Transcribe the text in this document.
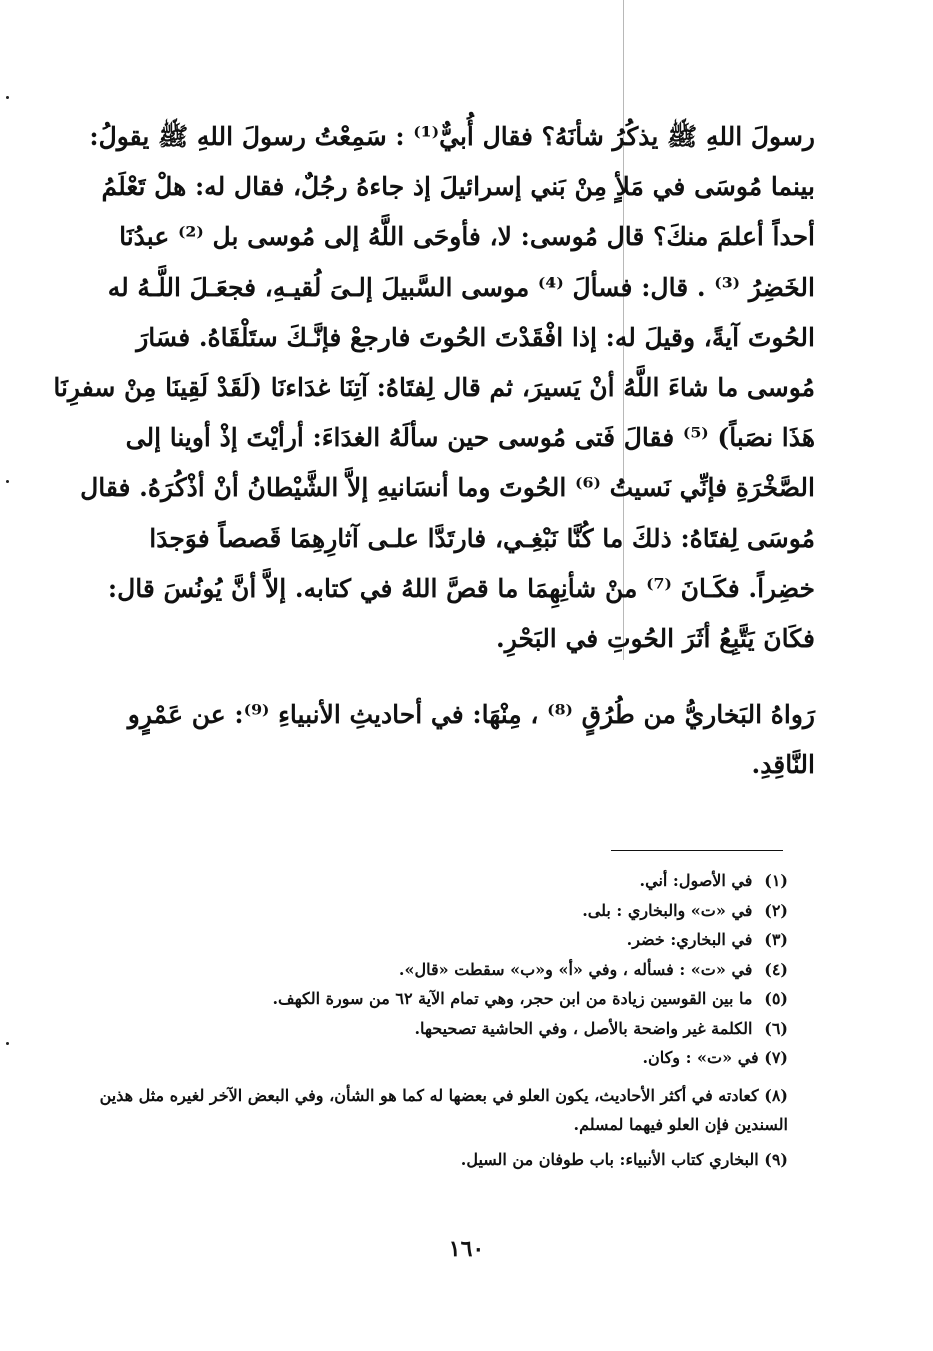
رسولَ اللهِ ﷺ يذكُرُ شأنَهُ؟ فقال أُبيٌّ⁽¹⁾ : سَمِعْتُ رسولَ اللهِ ﷺ يقولُ:
بينما مُوسَى في مَلأٍ مِنْ بَني إسرائيلَ إذ جاءهُ رجُلٌ، فقال له: هلْ تَعْلَمُ
أحداً أعلمَ منكَ؟ قال مُوسى: لا، فأوحَى اللَّهُ إلى مُوسى بل ⁽²⁾ عبدُنَا
الخَضِرُ ⁽³⁾ . قال: فسألَ ⁽⁴⁾ موسى السَّبيلَ إلـىَ لُقيـهِ، فجعَـلَ اللَّـهُ له
الحُوتَ آيةً، وقيلَ له: إذا افْقَدْتَ الحُوتَ فارجعْ فإنَّـكَ ستَلْقَاهُ. فسَارَ
مُوسى ما شاءَ اللَّهُ أنْ يَسيرَ، ثم قال لِفتَاهُ: آتِنَا غدَاءنَا (لَقَدْ لَقِينَا مِنْ سفرِنَا
هَذَا نصَباً) ⁽⁵⁾ فقالَ فَتى مُوسى حين سألَهُ الغدَاءَ: أرأيْتَ إذْ أوينا إلى
الصَّخْرَةِ فإنِّي نَسيتُ ⁽⁶⁾ الحُوتَ وما أنسَانيهِ إلاَّ الشَّيْطانُ أنْ أذْكُرَهُ. فقال
مُوسَى لِفتَاهُ: ذلكَ ما كُنَّا نَبْغِـي، فارتَدَّا علـى آثارِهِمَا قَصصاً فوَجدَا
خضِراً. فكَـانَ ⁽⁷⁾ منْ شأنِهِمَا ما قصَّ اللهُ في كتابه. إلاَّ أنَّ يُونُسَ قال:
فكَانَ يَتَّبِعُ أثَرَ الحُوتِ في البَحْرِ.
رَواهُ البَخاريُّ من طُرُقٍ ⁽⁸⁾ ، مِنْهَا: في أحاديثِ الأنبياءِ ⁽⁹⁾: عن عَمْرٍو
النَّاقِدِ.
(١) في الأصول: أني.
(٢) في «ت» والبخاري : بلى.
(٣) في البخاري: خضر.
(٤) في «ت» : فسأله ، وفي «أ» و«ب» سقطت «قال».
(٥) ما بين القوسين زيادة من ابن حجر، وهي تمام الآية ٦٢ من سورة الكهف.
(٦) الكلمة غير واضحة بالأصل ، وفي الحاشية تصحيحها.
(٧) في «ت» : وكان.
(٨) كعادته في أكثر الأحاديث، يكون العلو في بعضها له كما هو الشأن، وفي البعض الآخر لغيره مثل هذين السندين فإن العلو فيهما لمسلم.
(٩) البخاري كتاب الأنبياء: باب طوفان من السيل.
١٦٠
